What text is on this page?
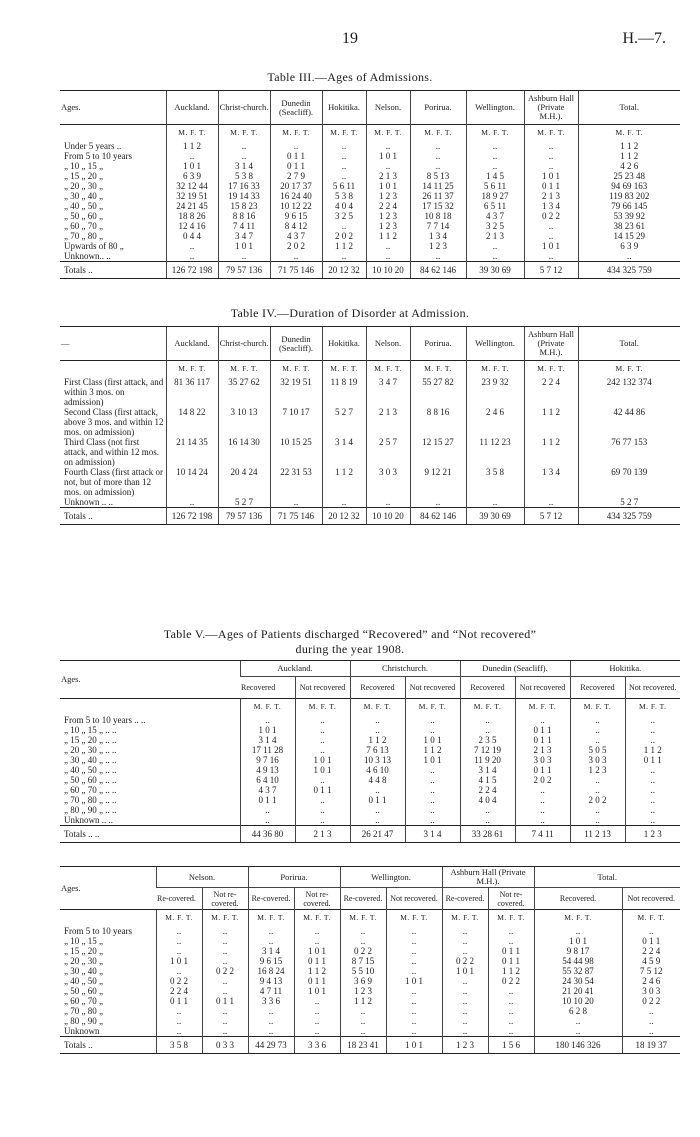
19	H.—7.
Table III.—Ages of Admissions.
Ages.	Auckland.	Christ-church.	Dunedin (Seacliff).	Hokitika.	Nelson.	Porirua.	Wellington.	Ashburn Hall (Private M.H.).	Total.
	M. F. T.	M. F. T.	M. F. T.	M. F. T.	M. F. T.	M. F. T.	M. F. T.	M. F. T.	M. F. T.
Under 5 years ..	1 1 2	..	..	..	..	..	..	..	1 1 2
From 5 to 10 years	..	..	0 1 1	..	1 0 1	..	..	..	1 1 2
„ 10 „ 15 „	1 0 1	3 1 4	0 1 1	..	..	..	..	..	4 2 6
„ 15 „ 20 „	6 3 9	5 3 8	2 7 9	..	2 1 3	8 5 13	1 4 5	1 0 1	25 23 48
„ 20 „ 30 „	32 12 44	17 16 33	20 17 37	5 6 11	1 0 1	14 11 25	5 6 11	0 1 1	94 69 163
„ 30 „ 40 „	32 19 51	19 14 33	16 24 40	5 3 8	1 2 3	26 11 37	18 9 27	2 1 3	119 83 202
„ 40 „ 50 „	24 21 45	15 8 23	10 12 22	4 0 4	2 2 4	17 15 32	6 5 11	1 3 4	79 66 145
„ 50 „ 60 „	18 8 26	8 8 16	9 6 15	3 2 5	1 2 3	10 8 18	4 3 7	0 2 2	53 39 92
„ 60 „ 70 „	12 4 16	7 4 11	8 4 12	..	1 2 3	7 7 14	3 2 5	..	38 23 61
„ 70 „ 80 „	0 4 4	3 4 7	4 3 7	2 0 2	1 1 2	1 3 4	2 1 3	..	14 15 29
Upwards of 80 „	..	1 0 1	2 0 2	1 1 2	..	1 2 3	..	1 0 1	6 3 9
Unknown.. ..	..	..	..	..	..	..	..	..	..
Totals ..	126 72 198	79 57 136	71 75 146	20 12 32	10 10 20	84 62 146	39 30 69	5 7 12	434 325 759
Table IV.—Duration of Disorder at Admission.
—	Auckland.	Christ-church.	Dunedin (Seacliff).	Hokitika.	Nelson.	Porirua.	Wellington.	Ashburn Hall (Private M.H.).	Total.
	M. F. T.	M. F. T.	M. F. T.	M. F. T.	M. F. T.	M. F. T.	M. F. T.	M. F. T.	M. F. T.
First Class (first attack, and within 3 mos. on admission)	81 36 117	35 27 62	32 19 51	11 8 19	3 4 7	55 27 82	23 9 32	2 2 4	242 132 374
Second Class (first attack, above 3 mos. and within 12 mos. on admission)	14 8 22	3 10 13	7 10 17	5 2 7	2 1 3	8 8 16	2 4 6	1 1 2	42 44 86
Third Class (not first attack, and within 12 mos. on admission)	21 14 35	16 14 30	10 15 25	3 1 4	2 5 7	12 15 27	11 12 23	1 1 2	76 77 153
Fourth Class (first attack or not, but of more than 12 mos. on admission)	10 14 24	20 4 24	22 31 53	1 1 2	3 0 3	9 12 21	3 5 8	1 3 4	69 70 139
Unknown .. ..	..	5 2 7	..	..	..	..	..	..	5 2 7
Totals ..	126 72 198	79 57 136	71 75 146	20 12 32	10 10 20	84 62 146	39 30 69	5 7 12	434 325 759
Table V.—Ages of Patients discharged “Recovered” and “Not recovered”
during the year 1908.
Ages.	Auckland.		Christchurch.		Dunedin (Seacliff).		Hokitika.	
	Recovered	Not recovered	Recovered	Not recovered	Recovered	Not recovered	Recovered	Not recovered.
	M. F. T.	M. F. T.	M. F. T.	M. F. T.	M. F. T.	M. F. T.	M. F. T.	M. F. T.
From 5 to 10 years .. ..	..	..	..	..	..	..	..	..
„ 10 „ 15 „ .. ..	1 0 1	..	..	..	..	0 1 1	..	..
„ 15 „ 20 „ .. ..	3 1 4	..	1 1 2	1 0 1	2 3 5	0 1 1	..	..
„ 20 „ 30 „ .. ..	17 11 28	..	7 6 13	1 1 2	7 12 19	2 1 3	5 0 5	1 1 2
„ 30 „ 40 „ .. ..	9 7 16	1 0 1	10 3 13	1 0 1	11 9 20	3 0 3	3 0 3	0 1 1
„ 40 „ 50 „ .. ..	4 9 13	1 0 1	4 6 10	..	3 1 4	0 1 1	1 2 3	..
„ 50 „ 60 „ .. ..	6 4 10	..	4 4 8	..	4 1 5	2 0 2	..	..
„ 60 „ 70 „ .. ..	4 3 7	0 1 1	..	..	2 2 4	..	..	..
„ 70 „ 80 „ .. ..	0 1 1	..	0 1 1	..	4 0 4	..	2 0 2	..
„ 80 „ 90 „ .. ..	..	..	..	..	..	..	..	..
Unknown .. ..	..	..	..	..	..	..	..	..
Totals .. ..	44 36 80	2 1 3	26 21 47	3 1 4	33 28 61	7 4 11	11 2 13	1 2 3
Ages.	Nelson.		Porirua.		Wellington.		Ashburn Hall (Private M.H.).		Total.	
	Re-covered.	Not re-covered.	Re-covered.	Not re-covered.	Re-covered.	Not recovered.	Re-covered.	Not re-covered.	Recovered.	Not recovered.
	M. F. T.	M. F. T.	M. F. T.	M. F. T.	M. F. T.	M. F. T.	M. F. T.	M. F. T.	M. F. T.	M. F. T.
From 5 to 10 years	..	..	..	..	..	..	..	..	..	..
„ 10 „ 15 „	..	..	..	..	..	..	..	..	1 0 1	0 1 1
„ 15 „ 20 „	..	..	3 1 4	1 0 1	0 2 2	..	..	0 1 1	9 8 17	2 2 4
„ 20 „ 30 „	1 0 1	..	9 6 15	0 1 1	8 7 15	..	0 2 2	0 1 1	54 44 98	4 5 9
„ 30 „ 40 „	..	0 2 2	16 8 24	1 1 2	5 5 10	..	1 0 1	1 1 2	55 32 87	7 5 12
„ 40 „ 50 „	0 2 2	..	9 4 13	0 1 1	3 6 9	1 0 1	..	0 2 2	24 30 54	2 4 6
„ 50 „ 60 „	2 2 4	..	4 7 11	1 0 1	1 2 3	..	..	..	21 20 41	3 0 3
„ 60 „ 70 „	0 1 1	0 1 1	3 3 6	..	1 1 2	..	..	..	10 10 20	0 2 2
„ 70 „ 80 „	..	..	..	..	..	..	..	..	6 2 8	..
„ 80 „ 90 „	..	..	..	..	..	..	..	..	..	..
Unknown	..	..	..	..	..	..	..	..	..	..
Totals ..	3 5 8	0 3 3	44 29 73	3 3 6	18 23 41	1 0 1	1 2 3	1 5 6	180 146 326	18 19 37
